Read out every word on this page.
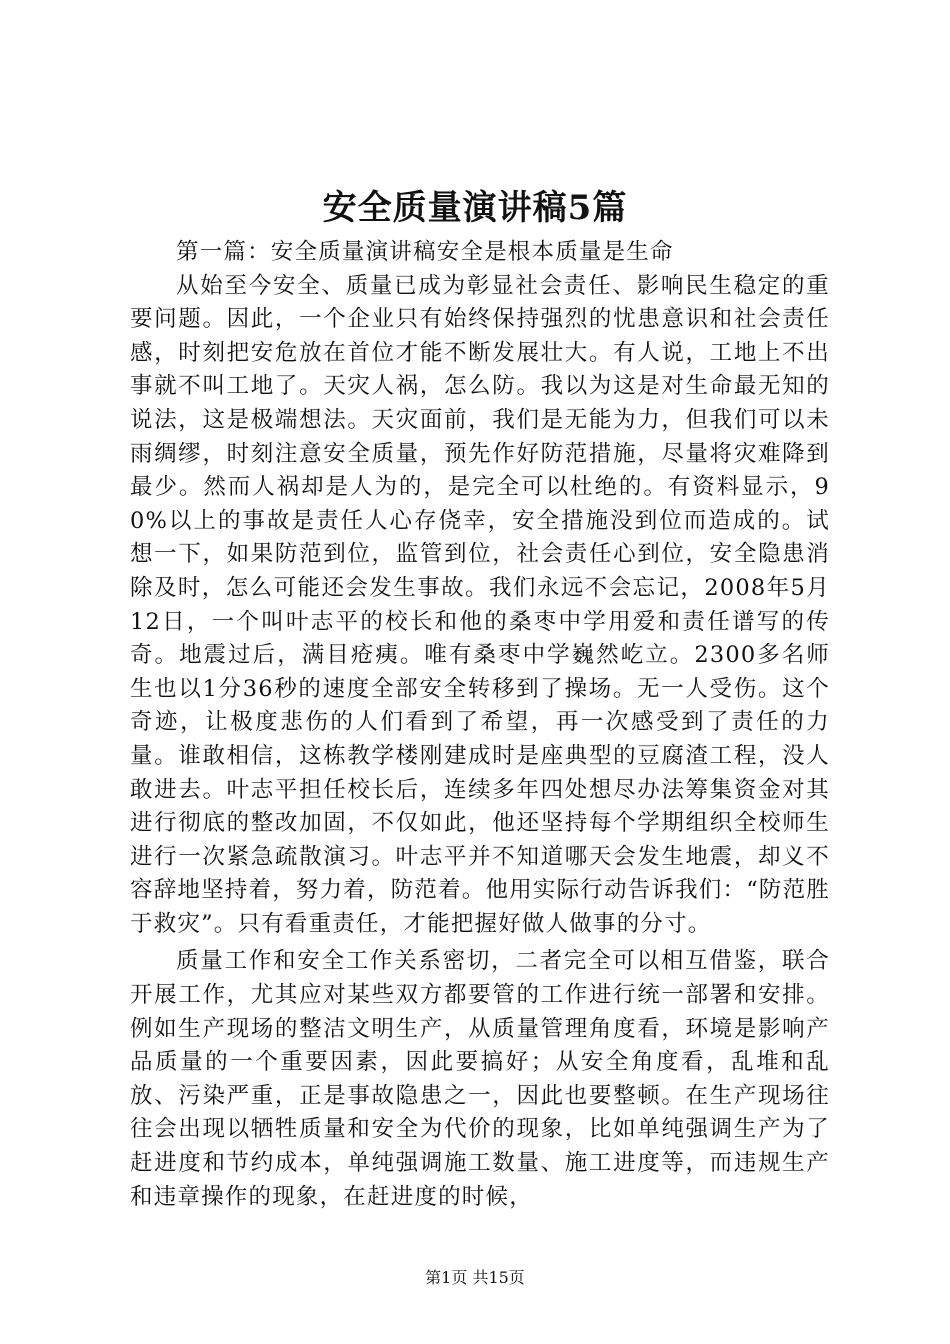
安全质量演讲稿5篇

第一篇：安全质量演讲稿安全是根本质量是生命

从始至今安全、质量已成为彰显社会责任、影响民生稳定的重要问题。因此，一个企业只有始终保持强烈的忧患意识和社会责任感，时刻把安危放在首位才能不断发展壮大。有人说，工地上不出事就不叫工地了。天灾人祸，怎么防。我以为这是对生命最无知的说法，这是极端想法。天灾面前，我们是无能为力，但我们可以未雨绸缪，时刻注意安全质量，预先作好防范措施，尽量将灾难降到最少。然而人祸却是人为的，是完全可以杜绝的。有资料显示，90%以上的事故是责任人心存侥幸，安全措施没到位而造成的。试想一下，如果防范到位，监管到位，社会责任心到位，安全隐患消除及时，怎么可能还会发生事故。我们永远不会忘记，2008年5月12日，一个叫叶志平的校长和他的桑枣中学用爱和责任谱写的传奇。地震过后，满目疮痍。唯有桑枣中学巍然屹立。2300多名师生也以1分36秒的速度全部安全转移到了操场。无一人受伤。这个奇迹，让极度悲伤的人们看到了希望，再一次感受到了责任的力量。谁敢相信，这栋教学楼刚建成时是座典型的豆腐渣工程，没人敢进去。叶志平担任校长后，连续多年四处想尽办法筹集资金对其进行彻底的整改加固，不仅如此，他还坚持每个学期组织全校师生进行一次紧急疏散演习。叶志平并不知道哪天会发生地震，却义不容辞地坚持着，努力着，防范着。他用实际行动告诉我们：“防范胜于救灾”。只有看重责任，才能把握好做人做事的分寸。

质量工作和安全工作关系密切，二者完全可以相互借鉴，联合开展工作，尤其应对某些双方都要管的工作进行统一部署和安排。例如生产现场的整洁文明生产，从质量管理角度看，环境是影响产品质量的一个重要因素，因此要搞好；从安全角度看，乱堆和乱放、污染严重，正是事故隐患之一，因此也要整顿。在生产现场往往会出现以牺牲质量和安全为代价的现象，比如单纯强调生产为了赶进度和节约成本，单纯强调施工数量、施工进度等，而违规生产和违章操作的现象，在赶进度的时候，

第1页 共15页
